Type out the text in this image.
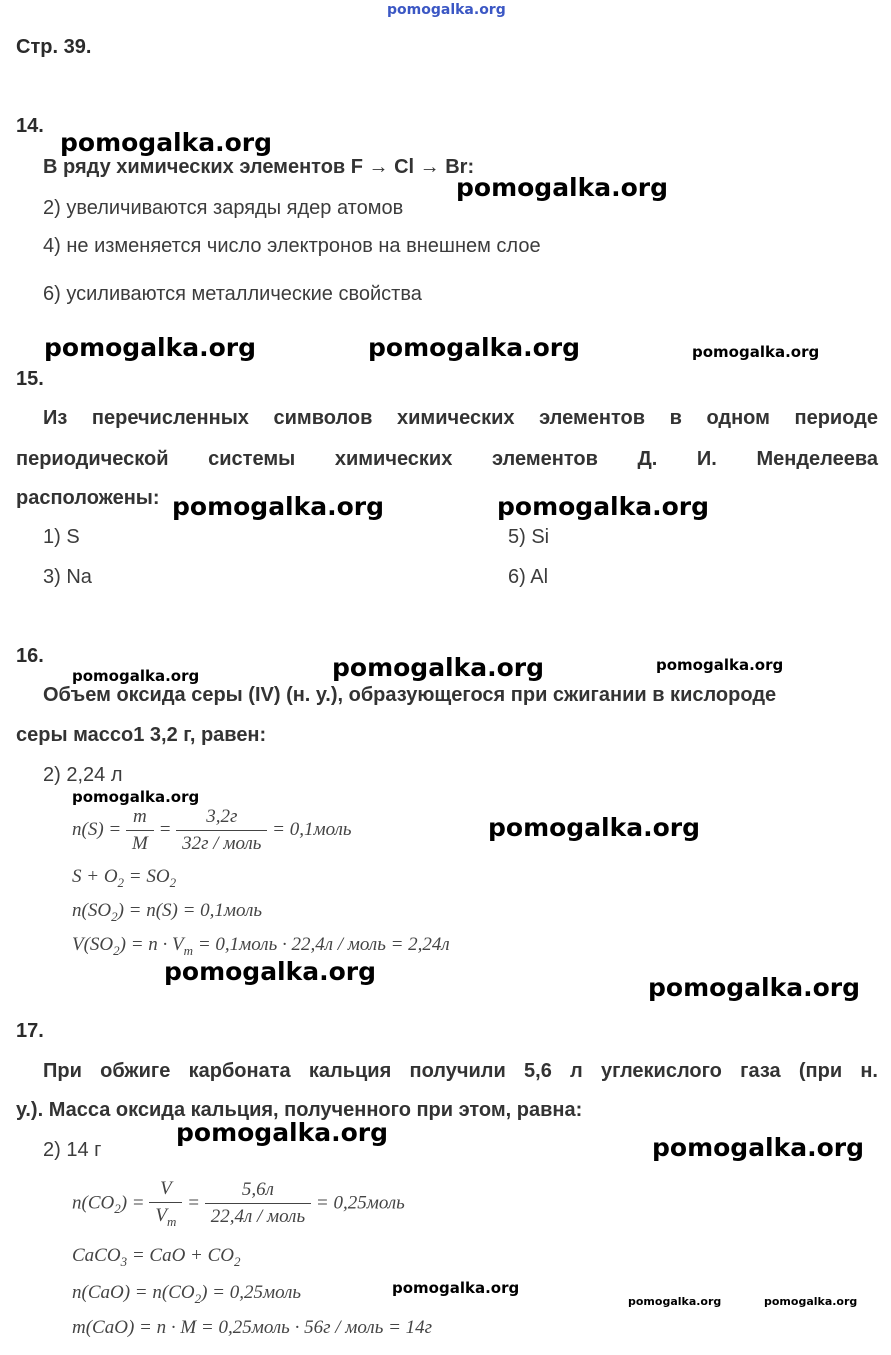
pomogalka.org
Стр. 39.
14.
В ряду химических элементов F → Cl → Br:
2) увеличиваются заряды ядер атомов
4) не изменяется число электронов на внешнем слое
6) усиливаются металлические свойства
15.
Из перечисленных символов химических элементов в одном периоде
периодической системы химических элементов Д. И. Менделеева
расположены:
1) S	5) Si
3) Na	6) Al
16.
Объем оксида серы (IV) (н. у.), образующегося при сжигании в кислороде
серы массо1 3,2 г, равен:
2) 2,24 л
$n(S) = \frac{m}{M} = \frac{3,2г}{\text{32г / моль}}$ = 0,1моль
$S + O_2 = SO_2$
$n(SO_2) = n(S)$ = 0,1моль
$V(SO_2) = n \cdot V_m$ = 0,1моль · 22,4л / моль = 2,24л
17.
При обжиге карбоната кальция получили 5,6 л углекислого газа (при н.
у.). Масса оксида кальция, полученного при этом, равна:
2) 14 г
$n(CO_2) = \frac{V}{V_m} = \frac{5,6л}{\text{22,4л / моль}}$ = 0,25моль
CaCO$_3$ = CaO + $CO_2$
$n(CaO) = n(CO_2)$ = 0,25моль
m(CaO) = n · M = 0,25моль · 56г / моль = 14г
pomogalka.org
pomogalka.org
pomogalka.org	pomogalka.org	pomogalka.org
pomogalka.org	pomogalka.org
pomogalka.org	pomogalka.org	pomogalka.org
pomogalka.org
pomogalka.org
pomogalka.org
pomogalka.org
pomogalka.org
pomogalka.org
pomogalka.org
pomogalka.org	pomogalka.org
